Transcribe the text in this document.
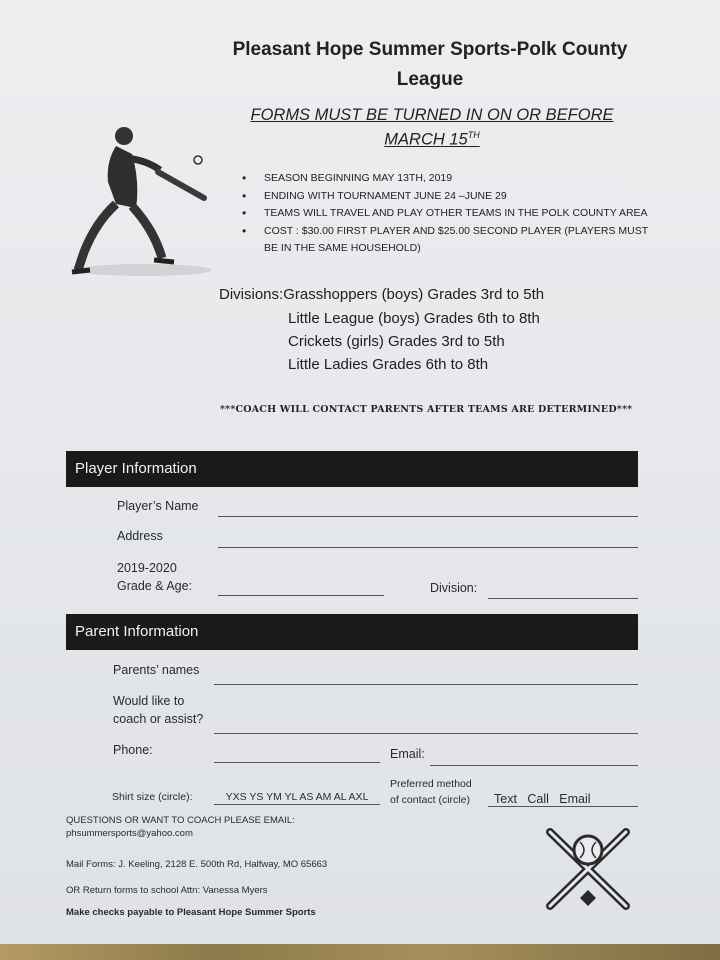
Pleasant Hope Summer Sports-Polk County
League
FORMS MUST BE TURNED IN ON OR BEFORE
MARCH 15TH
• SEASON BEGINNING MAY 13TH, 2019
• ENDING WITH TOURNAMENT JUNE 24 –JUNE 29
• TEAMS WILL TRAVEL AND PLAY OTHER TEAMS IN THE POLK COUNTY AREA
• COST : $30.00 FIRST PLAYER AND $25.00 SECOND PLAYER (PLAYERS MUST BE IN THE SAME HOUSEHOLD)
Divisions:Grasshoppers (boys) Grades 3rd to 5th
Little League (boys) Grades 6th to 8th
Crickets (girls) Grades 3rd to 5th
Little Ladies Grades 6th to 8th
***COACH WILL CONTACT PARENTS AFTER TEAMS ARE DETERMINED***
Player Information
Player’s Name
Address
2019-2020
Grade & Age:	Division:
Parent Information
Parents’ names
Would like to
coach or assist?
Phone:	Email:
Shirt size (circle):	YXS YS YM YL AS AM AL AXL
Preferred method
of contact (circle)	Text   Call   Email
QUESTIONS OR WANT TO COACH PLEASE EMAIL:
phsummersports@yahoo.com
Mail Forms: J. Keeling, 2128 E. 500th Rd, Halfway, MO 65663
OR Return forms to school Attn: Vanessa Myers
Make checks payable to Pleasant Hope Summer Sports
